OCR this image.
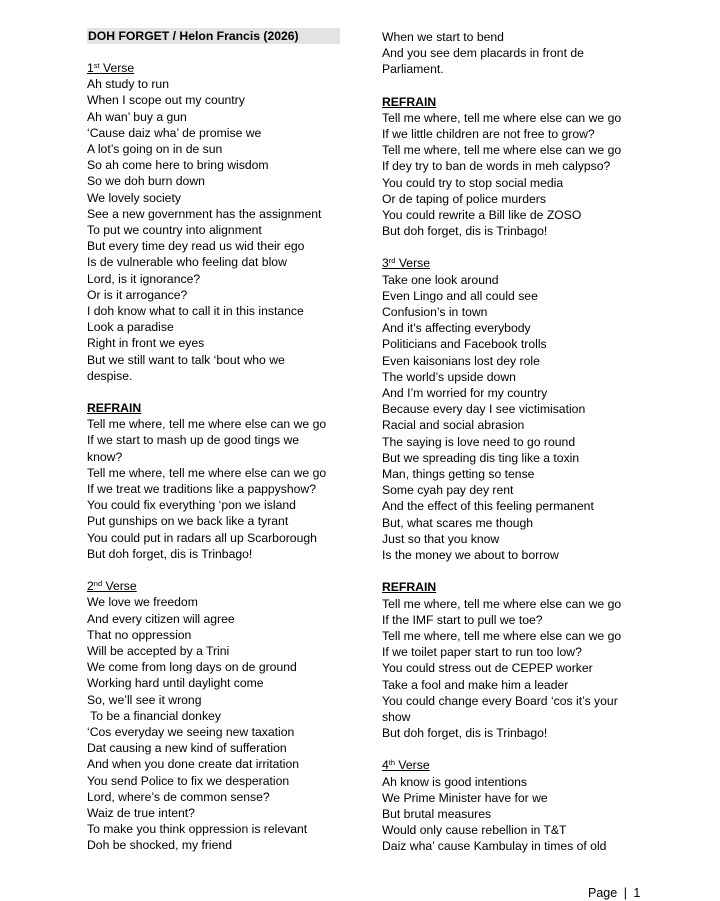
DOH FORGET / Helon Francis (2026)
1st Verse
Ah study to run
When I scope out my country
Ah wan’ buy a gun
‘Cause daiz wha’ de promise we
A lot’s going on in de sun
So ah come here to bring wisdom
So we doh burn down
We lovely society
See a new government has the assignment
To put we country into alignment
But every time dey read us wid their ego
Is de vulnerable who feeling dat blow
Lord, is it ignorance?
Or is it arrogance?
I doh know what to call it in this instance
Look a paradise
Right in front we eyes
But we still want to talk ‘bout who we
despise.
REFRAIN
Tell me where, tell me where else can we go
If we start to mash up de good tings we
know?
Tell me where, tell me where else can we go
If we treat we traditions like a pappyshow?
You could fix everything ‘pon we island
Put gunships on we back like a tyrant
You could put in radars all up Scarborough
But doh forget, dis is Trinbago!
2nd Verse
We love we freedom
And every citizen will agree
That no oppression
Will be accepted by a Trini
We come from long days on de ground
Working hard until daylight come
So, we’ll see it wrong
To be a financial donkey
‘Cos everyday we seeing new taxation
Dat causing a new kind of sufferation
And when you done create dat irritation
You send Police to fix we desperation
Lord, where’s de common sense?
Waiz de true intent?
To make you think oppression is relevant
Doh be shocked, my friend
When we start to bend
And you see dem placards in front de
Parliament.
REFRAIN
Tell me where, tell me where else can we go
If we little children are not free to grow?
Tell me where, tell me where else can we go
If dey try to ban de words in meh calypso?
You could try to stop social media
Or de taping of police murders
You could rewrite a Bill like de ZOSO
But doh forget, dis is Trinbago!
3rd Verse
Take one look around
Even Lingo and all could see
Confusion’s in town
And it’s affecting everybody
Politicians and Facebook trolls
Even kaisonians lost dey role
The world’s upside down
And I’m worried for my country
Because every day I see victimisation
Racial and social abrasion
The saying is love need to go round
But we spreading dis ting like a toxin
Man, things getting so tense
Some cyah pay dey rent
And the effect of this feeling permanent
But, what scares me though
Just so that you know
Is the money we about to borrow
REFRAIN
Tell me where, tell me where else can we go
If the IMF start to pull we toe?
Tell me where, tell me where else can we go
If we toilet paper start to run too low?
You could stress out de CEPEP worker
Take a fool and make him a leader
You could change every Board ‘cos it’s your
show
But doh forget, dis is Trinbago!
4th Verse
Ah know is good intentions
We Prime Minister have for we
But brutal measures
Would only cause rebellion in T&T
Daiz wha’ cause Kambulay in times of old
Page | 1
